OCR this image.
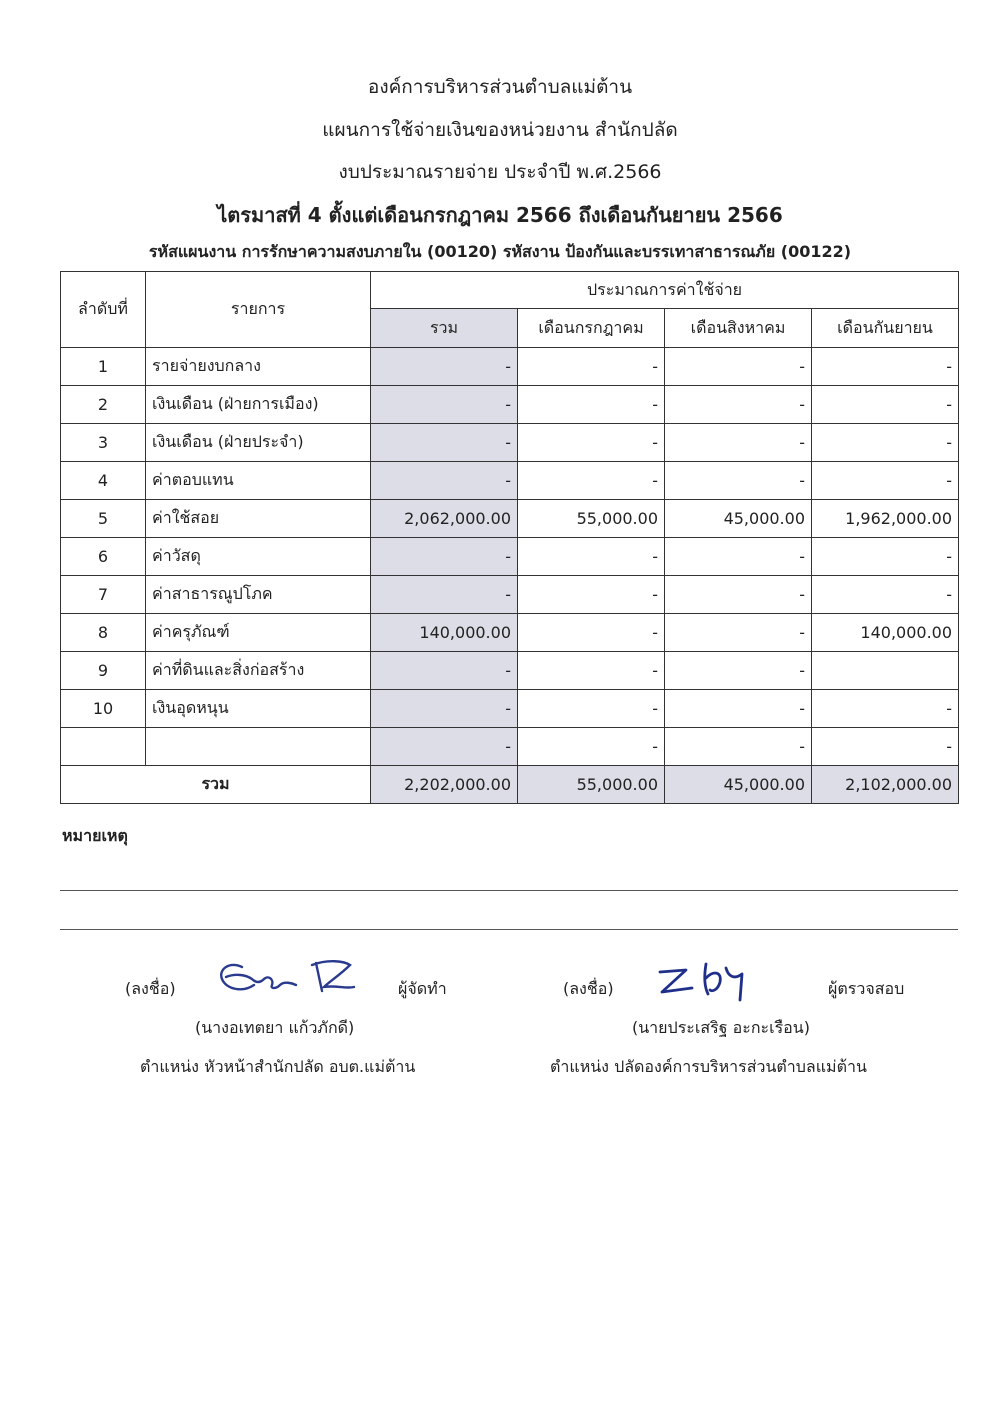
องค์การบริหารส่วนตำบลแม่ต้าน
แผนการใช้จ่ายเงินของหน่วยงาน สำนักปลัด
งบประมาณรายจ่าย ประจำปี พ.ศ.2566
ไตรมาสที่ 4 ตั้งแต่เดือนกรกฎาคม 2566 ถึงเดือนกันยายน 2566
รหัสแผนงาน การรักษาความสงบภายใน (00120) รหัสงาน ป้องกันและบรรเทาสาธารณภัย (00122)
ลำดับที่	รายการ	ประมาณการค่าใช้จ่าย			
		รวม	เดือนกรกฎาคม	เดือนสิงหาคม	เดือนกันยายน
1	รายจ่ายงบกลาง	-	-	-	-
2	เงินเดือน (ฝ่ายการเมือง)	-	-	-	-
3	เงินเดือน (ฝ่ายประจำ)	-	-	-	-
4	ค่าตอบแทน	-	-	-	-
5	ค่าใช้สอย	2,062,000.00	55,000.00	45,000.00	1,962,000.00
6	ค่าวัสดุ	-	-	-	-
7	ค่าสาธารณูปโภค	-	-	-	-
8	ค่าครุภัณฑ์	140,000.00	-	-	140,000.00
9	ค่าที่ดินและสิ่งก่อสร้าง	-	-	-	
10	เงินอุดหนุน	-	-	-	-
		-	-	-	-
รวม		2,202,000.00	55,000.00	45,000.00	2,102,000.00
หมายเหตุ
(ลงชื่อ)	ผู้จัดทำ
(นางอเทตยา แก้วภักดี)
ตำแหน่ง หัวหน้าสำนักปลัด อบต.แม่ต้าน
(ลงชื่อ)	ผู้ตรวจสอบ
(นายประเสริฐ อะกะเรือน)
ตำแหน่ง ปลัดองค์การบริหารส่วนตำบลแม่ต้าน
